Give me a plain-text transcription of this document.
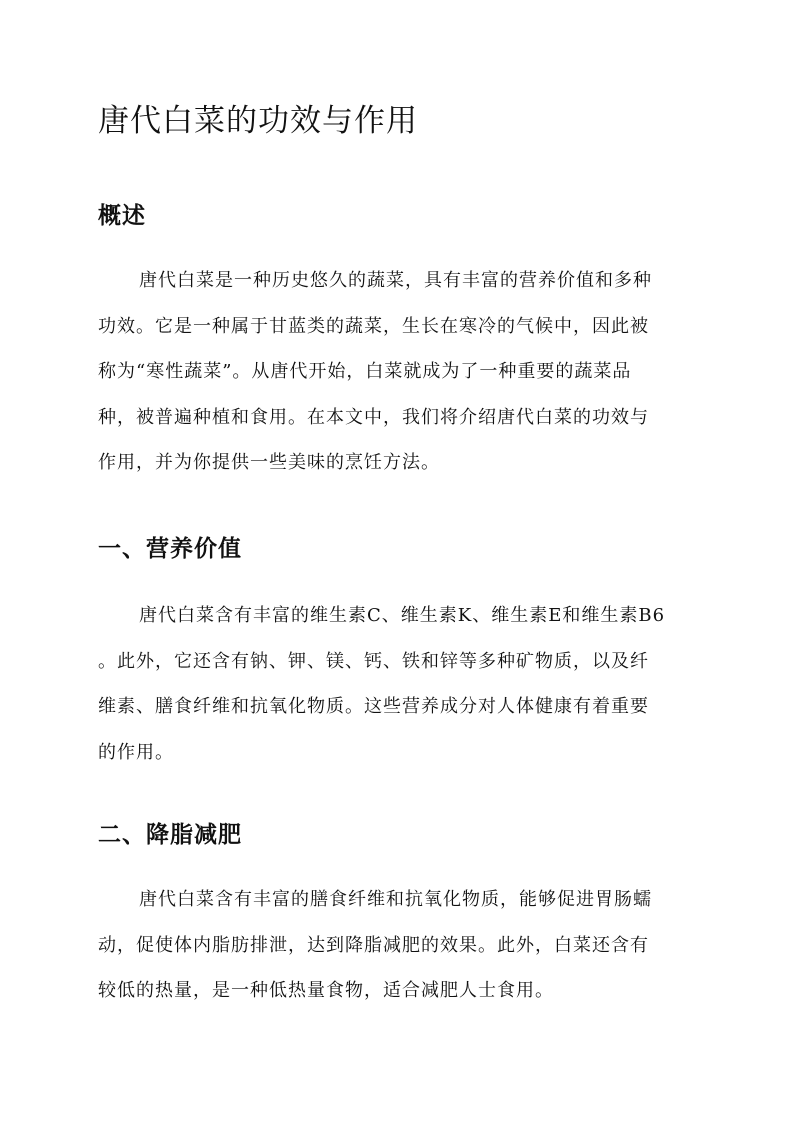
唐代白菜的功效与作用
概述
唐代白菜是一种历史悠久的蔬菜，具有丰富的营养价值和多种
功效。它是一种属于甘蓝类的蔬菜，生长在寒冷的气候中，因此被
称为“寒性蔬菜”。从唐代开始，白菜就成为了一种重要的蔬菜品
种，被普遍种植和食用。在本文中，我们将介绍唐代白菜的功效与
作用，并为你提供一些美味的烹饪方法。
一、营养价值
唐代白菜含有丰富的维生素C、维生素K、维生素E和维生素B6
。此外，它还含有钠、钾、镁、钙、铁和锌等多种矿物质，以及纤
维素、膳食纤维和抗氧化物质。这些营养成分对人体健康有着重要
的作用。
二、降脂减肥
唐代白菜含有丰富的膳食纤维和抗氧化物质，能够促进胃肠蠕
动，促使体内脂肪排泄，达到降脂减肥的效果。此外，白菜还含有
较低的热量，是一种低热量食物，适合减肥人士食用。
